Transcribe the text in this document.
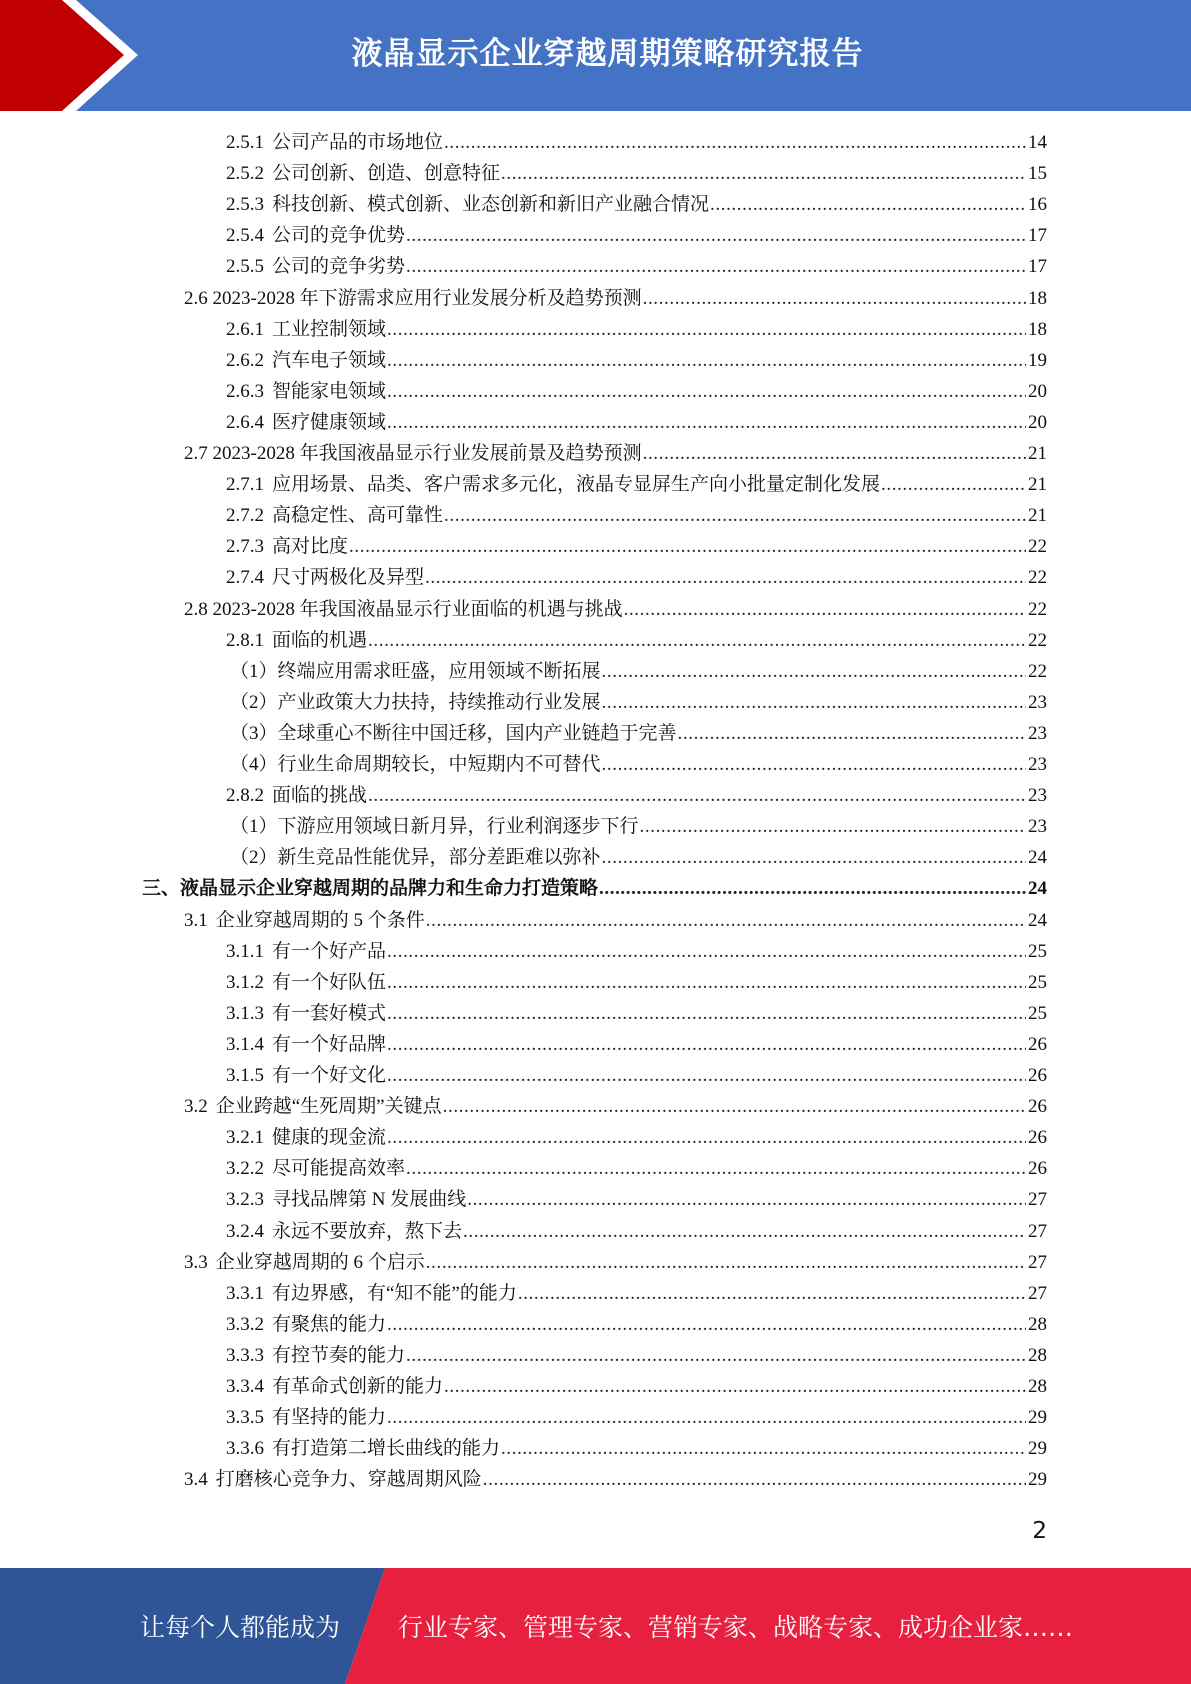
液晶显示企业穿越周期策略研究报告
2.5.1 公司产品的市场地位 .....	14
2.5.2 公司创新、创造、创意特征 .....	15
2.5.3 科技创新、模式创新、业态创新和新旧产业融合情况 .....	16
2.5.4 公司的竞争优势 .....	17
2.5.5 公司的竞争劣势 .....	17
2.6 2023-2028 年下游需求应用行业发展分析及趋势预测 .....	18
2.6.1 工业控制领域 .....	18
2.6.2 汽车电子领域 .....	19
2.6.3 智能家电领域 .....	20
2.6.4 医疗健康领域 .....	20
2.7 2023-2028 年我国液晶显示行业发展前景及趋势预测 .....	21
2.7.1 应用场景、品类、客户需求多元化，液晶专显屏生产向小批量定制化发展 .....	21
2.7.2 高稳定性、高可靠性 .....	21
2.7.3 高对比度 .....	22
2.7.4 尺寸两极化及异型 .....	22
2.8 2023-2028 年我国液晶显示行业面临的机遇与挑战 .....	22
2.8.1 面临的机遇 .....	22
（1）终端应用需求旺盛，应用领域不断拓展 .....	22
（2）产业政策大力扶持，持续推动行业发展 .....	23
（3）全球重心不断往中国迁移，国内产业链趋于完善 .....	23
（4）行业生命周期较长，中短期内不可替代 .....	23
2.8.2 面临的挑战 .....	23
（1）下游应用领域日新月异，行业利润逐步下行 .....	23
（2）新生竞品性能优异，部分差距难以弥补 .....	24
三、液晶显示企业穿越周期的品牌力和生命力打造策略 .....	24
3.1 企业穿越周期的 5 个条件 .....	24
3.1.1 有一个好产品 .....	25
3.1.2 有一个好队伍 .....	25
3.1.3 有一套好模式 .....	25
3.1.4 有一个好品牌 .....	26
3.1.5 有一个好文化 .....	26
3.2 企业跨越“生死周期”关键点 .....	26
3.2.1 健康的现金流 .....	26
3.2.2 尽可能提高效率 .....	26
3.2.3 寻找品牌第 N 发展曲线 .....	27
3.2.4 永远不要放弃，熬下去 .....	27
3.3 企业穿越周期的 6 个启示 .....	27
3.3.1 有边界感，有“知不能”的能力 .....	27
3.3.2 有聚焦的能力 .....	28
3.3.3 有控节奏的能力 .....	28
3.3.4 有革命式创新的能力 .....	28
3.3.5 有坚持的能力 .....	29
3.3.6 有打造第二增长曲线的能力 .....	29
3.4 打磨核心竞争力、穿越周期风险 .....	29
2
让每个人都能成为 行业专家、管理专家、营销专家、战略专家、成功企业家……
